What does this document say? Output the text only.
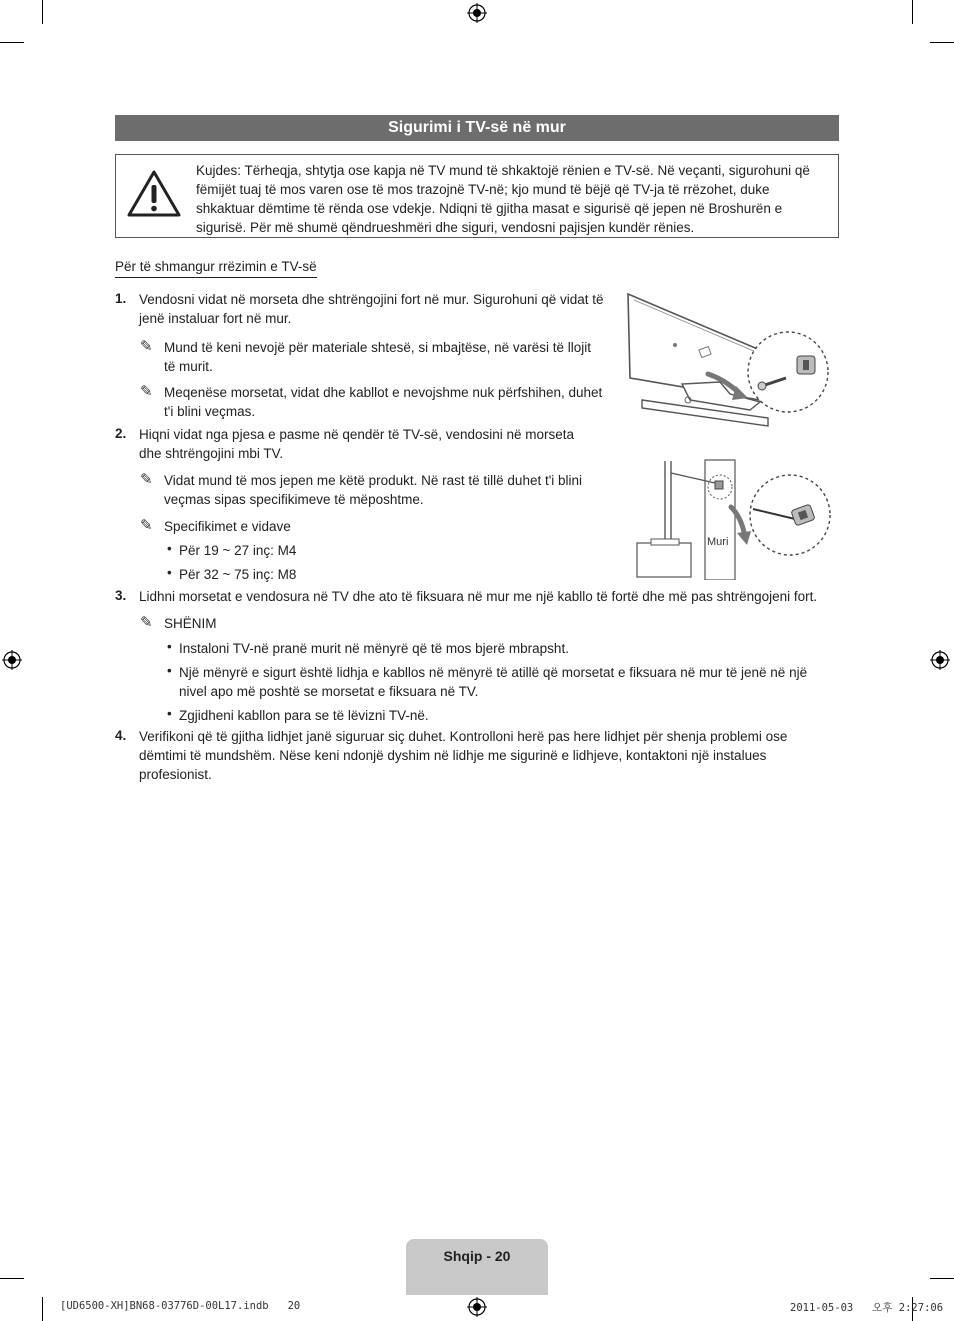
Sigurimi i TV-së në mur
Kujdes: Tërheqja, shtytja ose kapja në TV mund të shkaktojë rënien e TV-së. Në veçanti, sigurohuni që fëmijët tuaj të mos varen ose të mos trazojnë TV-në; kjo mund të bëjë që TV-ja të rrëzohet, duke shkaktuar dëmtime të rënda ose vdekje. Ndiqni të gjitha masat e sigurisë që jepen në Broshurën e sigurisë. Për më shumë qëndrueshmëri dhe siguri, vendosni pajisjen kundër rënies.
Për të shmangur rrëzimin e TV-së
1. Vendosni vidat në morseta dhe shtrëngojini fort në mur. Sigurohuni që vidat të jenë instaluar fort në mur.
✎ Mund të keni nevojë për materiale shtesë, si mbajtëse, në varësi të llojit të murit.
✎ Meqenëse morsetat, vidat dhe kabllot e nevojshme nuk përfshihen, duhet t'i blini veçmas.
2. Hiqni vidat nga pjesa e pasme në qendër të TV-së, vendosini në morseta dhe shtrëngojini mbi TV.
✎ Vidat mund të mos jepen me këtë produkt. Në rast të tillë duhet t'i blini veçmas sipas specifikimeve të mëposhtme.
✎ Specifikimet e vidave
• Për 19 ~ 27 inç: M4
• Për 32 ~ 75 inç: M8
3. Lidhni morsetat e vendosura në TV dhe ato të fiksuara në mur me një kabllo të fortë dhe më pas shtrëngojeni fort.
✎ SHËNIM
• Instaloni TV-në pranë murit në mënyrë që të mos bjerë mbrapsht.
• Një mënyrë e sigurt është lidhja e kabllos në mënyrë të atillë që morsetat e fiksuara në mur të jenë në një nivel apo më poshtë se morsetat e fiksuara në TV.
• Zgjidheni kabllon para se të lëvizni TV-në.
4. Verifikoni që të gjitha lidhjet janë siguruar siç duhet. Kontrolloni herë pas here lidhjet për shenja problemi ose dëmtimi të mundshëm. Nëse keni ndonjë dyshim në lidhje me sigurinë e lidhjeve, kontaktoni një instalues profesionist.
Muri
Shqip - 20
[UD6500-XH]BN68-03776D-00L17.indb   20	2011-05-03   오후 2:27:06
